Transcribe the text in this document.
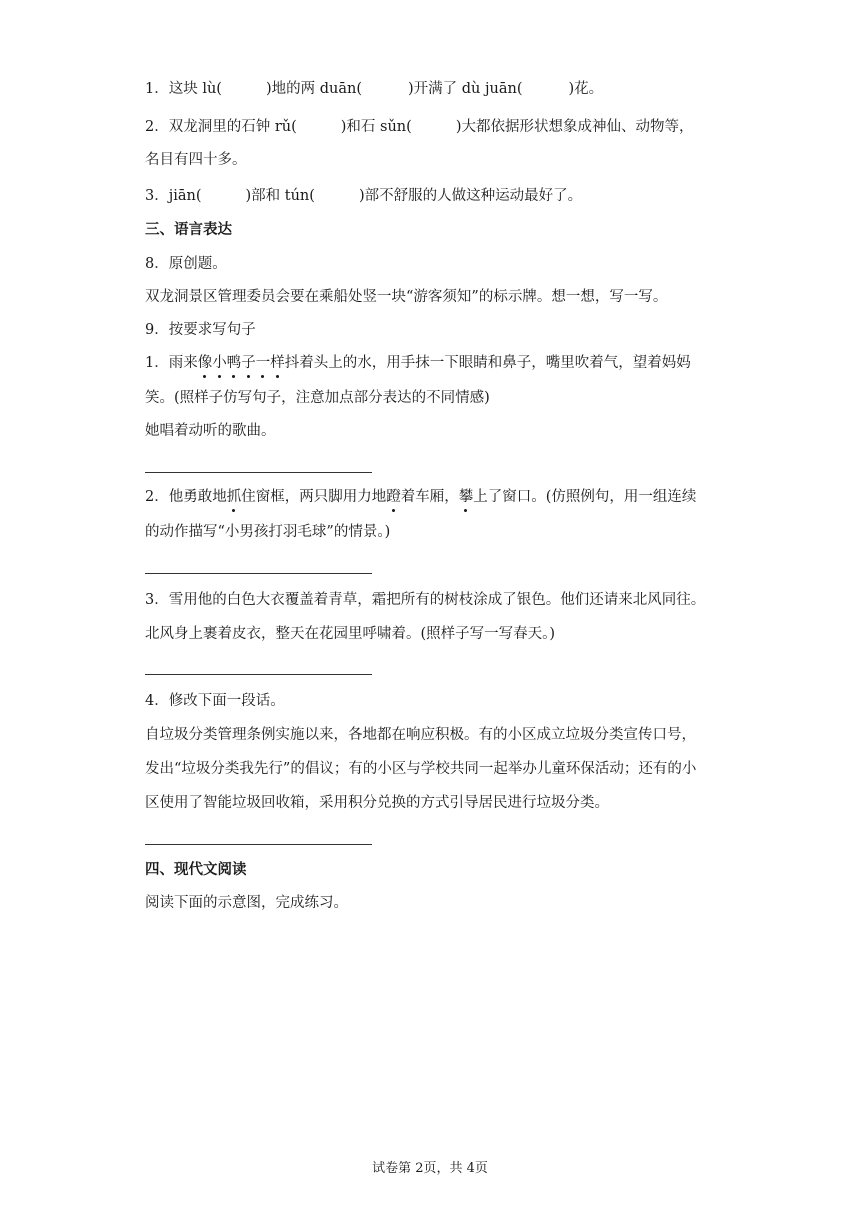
1．这块 lù(	)地的两 duān(	)开满了 dù juān(	)花。
2．双龙洞里的石钟 rǔ(	)和石 sǔn(	)大都依据形状想象成神仙、动物等，
名目有四十多。
3．jiān(	)部和 tún(	)部不舒服的人做这种运动最好了。
三、语言表达
8．原创题。
双龙洞景区管理委员会要在乘船处竖一块“游客须知”的标示牌。想一想，写一写。
9．按要求写句子
1．雨来像小鸭子一样抖着头上的水，用手抹一下眼睛和鼻子，嘴里吹着气，望着妈妈
笑。(照样子仿写句子，注意加点部分表达的不同情感)
她唱着动听的歌曲。
2．他勇敢地抓住窗框，两只脚用力地蹬着车厢，攀上了窗口。(仿照例句，用一组连续
的动作描写“小男孩打羽毛球”的情景。)
3．雪用他的白色大衣覆盖着青草，霜把所有的树枝涂成了银色。他们还请来北风同往。
北风身上裹着皮衣，整天在花园里呼啸着。(照样子写一写春天。)
4．修改下面一段话。
自垃圾分类管理条例实施以来，各地都在响应积极。有的小区成立垃圾分类宣传口号，
发出“垃圾分类我先行”的倡议；有的小区与学校共同一起举办儿童环保活动；还有的小
区使用了智能垃圾回收箱，采用积分兑换的方式引导居民进行垃圾分类。
四、现代文阅读
阅读下面的示意图，完成练习。
试卷第 2页，共 4页
